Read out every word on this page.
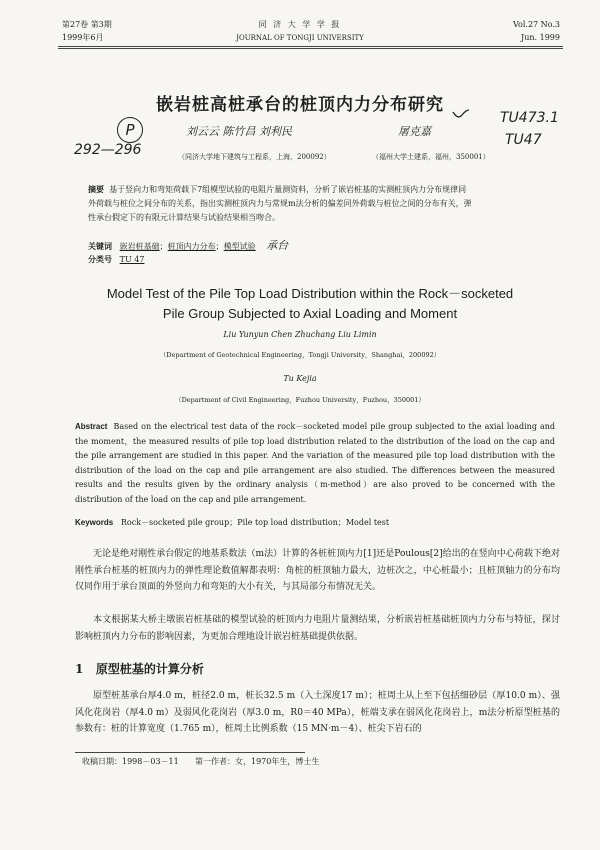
第27卷 第3期
1999年6月
同 济 大 学 学 报
JOURNAL OF TONGJI UNIVERSITY
Vol.27 No.3
Jun. 1999
嵌岩桩高桩承台的桩顶内力分布研究
P
292—296
TU473.1
TU47
刘云云 陈竹昌 刘利民	屠克嘉
（同济大学地下建筑与工程系，上海，200092）	（福州大学土建系，福州，350001）
摘要 基于竖向力和弯矩荷载下7组模型试验的电阻片量测资料，分析了嵌岩桩基的实测桩顶内力分布规律同
外荷载与桩位之间分布的关系，指出实测桩顶内力与常规m法分析的偏差同外荷载与桩位之间的分布有关，弹
性承台假定下的有限元计算结果与试验结果相当吻合。
关键词 嵌岩桩基础；桩顶内力分布；模型试验 承台
分类号 TU 47
Model Test of the Pile Top Load Distribution within the Rock－socketed
Pile Group Subjected to Axial Loading and Moment
Liu Yunyun Chen Zhuchang Liu Limin
（Department of Geotechnical Engineering，Tongji University，Shanghai，200092）
Tu Kejia
（Department of Civil Engineering，Fuzhou University，Fuzhou，350001）
Abstract Based on the electrical test data of the rock－socketed model pile group subjected to the axial loading and the moment，the measured results of pile top load distribution related to the distribution of the load on the cap and the pile arrangement are studied in this paper. And the variation of the measured pile top load distribution with the distribution of the load on the cap and pile arrangement are also studied. The differences between the measured results and the results given by the ordinary analysis（m-method）are also proved to be concerned with the distribution of the load on the cap and pile arrangement.
Keywords Rock－socketed pile group；Pile top load distribution；Model test
无论是绝对刚性承台假定的地基系数法（m法）计算的各桩桩顶内力[1]还是Poulous[2]给出的在竖向中心荷载下绝对刚性承台桩基的桩顶内力的弹性理论数值解都表明：角桩的桩顶轴力最大，边桩次之，中心桩最小；且桩顶轴力的分布均仅同作用于承台顶面的外竖向力和弯矩的大小有关，与其局部分布情况无关。
本文根据某大桥主墩嵌岩桩基础的模型试验的桩顶内力电阻片量测结果，分析嵌岩桩基础桩顶内力分布与特征，探讨影响桩顶内力分布的影响因素，为更加合理地设计嵌岩桩基础提供依据。
1 原型桩基的计算分析
原型桩基承台厚4.0 m，桩径2.0 m，桩长32.5 m（入土深度17 m）；桩周土从上至下包括细砂层（厚10.0 m）、强风化花岗岩（厚4.0 m）及弱风化花岗岩（厚3.0 m，R0＝40 MPa），桩端支承在弱风化花岗岩上，m法分析原型桩基的参数有：桩的计算宽度（1.765 m），桩周土比例系数（15 MN·m－4）、桩尖下岩石的
收稿日期：1998－03－11 第一作者：女，1970年生，博士生
